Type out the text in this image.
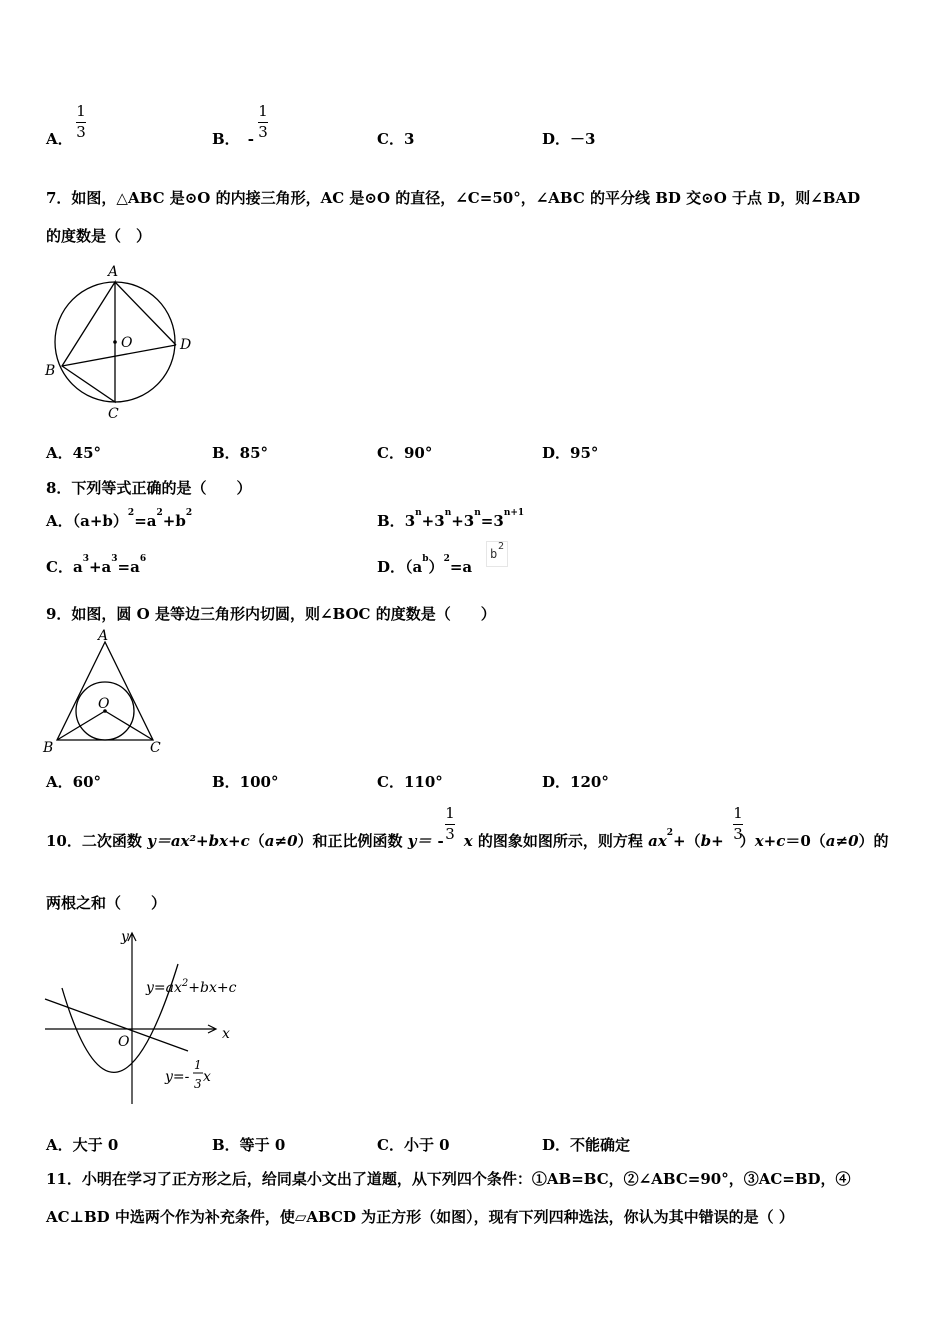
A．
1
3	B． -
1
3	C．3	D．－3
7．如图，△ABC 是⊙O 的内接三角形，AC 是⊙O 的直径，∠C=50°，∠ABC 的平分线 BD 交⊙O 于点 D，则∠BAD
的度数是（　）
A
B
C
D
O
A．45°	B．85°	C．90°	D．95°
8．下列等式正确的是（　　）
A．$(a+b)^2=a^2+b^2$	B．$3^n+3^n+3^n=3^{n+1}$
C．$a^3+a^3=a^6$	D．$(a^b)^2=a$
b
2
9．如图，圆 O 是等边三角形内切圆，则∠BOC 的度数是（　　）
A
B	C
O
A．60°	B．100°	C．110°	D．120°
10．二次函数 y＝ax²+bx+c（a≠0）和正比例函数 y＝ - x 的图象如图所示，则方程 $ax^2+(b+ )x+c=0(a\ne 0)$的
1
3
1
3
两根之和（　　）
y
x
O
$y=ax^2+bx+c$
y=-
1
3 x
A．大于 0	B．等于 0	C．小于 0	D．不能确定
11．小明在学习了正方形之后，给同桌小文出了道题，从下列四个条件：①AB=BC，②∠ABC=90°，③AC=BD，④
AC⊥BD 中选两个作为补充条件，使▱ABCD 为正方形（如图），现有下列四种选法，你认为其中错误的是（ ）
